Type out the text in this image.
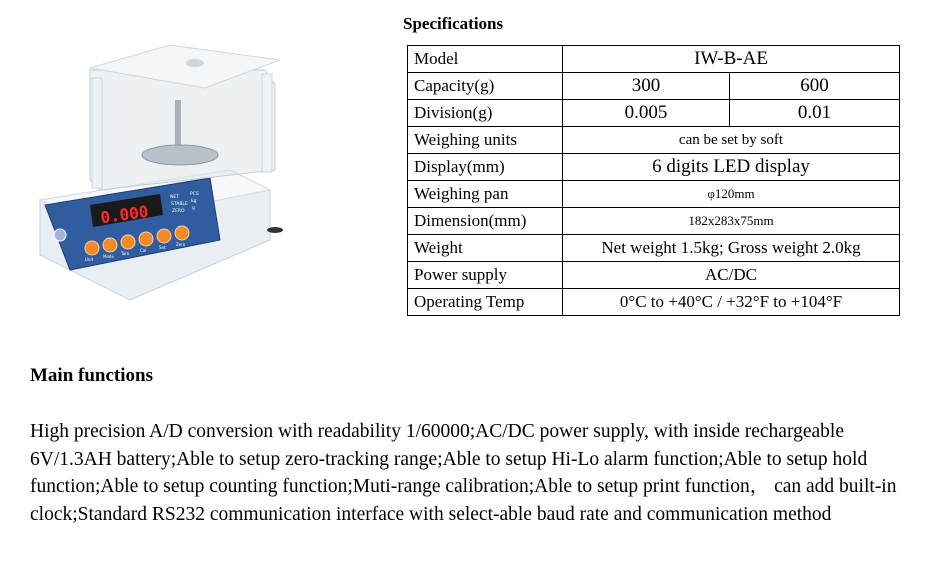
0.000
NET
STABLE
ZERO
PCS
kg
g
Unit
Mode
Tare
Cal
Set
Zero
Specifications
Model	IW-B-AE	
Capacity(g)	300	600
Division(g)	0.005	0.01
Weighing units	can be set by soft	
Display(mm)	6 digits LED display	
Weighing pan	φ120mm	
Dimension(mm)	182x283x75mm	
Weight	Net weight 1.5kg; Gross weight 2.0kg	
Power supply	AC/DC	
Operating Temp	0°C to +40°C / +32°F to +104°F	
Main functions
High precision A/D conversion with readability 1/60000;AC/DC power supply, with inside rechargeable 6V/1.3AH battery;Able to setup zero-tracking range;Able to setup Hi-Lo alarm function;Able to setup hold function;Able to setup counting function;Muti-range calibration;Able to setup print function， can add built-in clock;Standard RS232 communication interface with select-able baud rate and communication method
